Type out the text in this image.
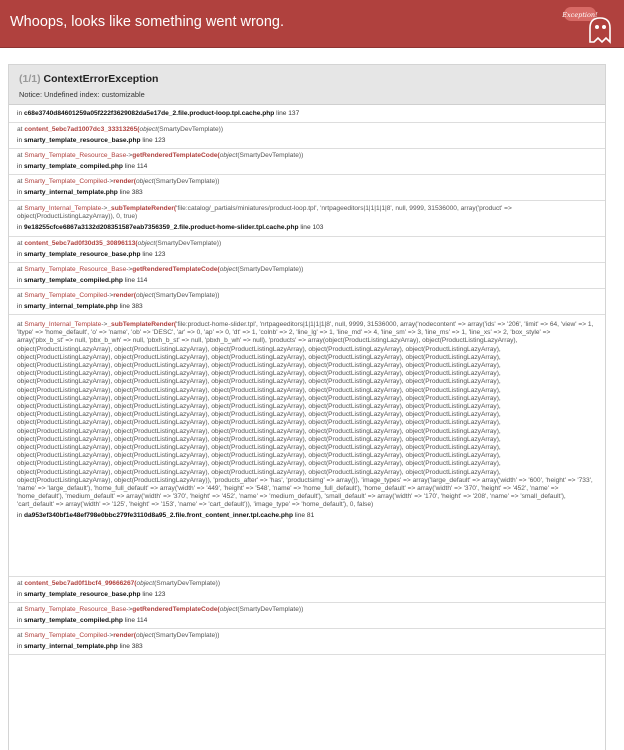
Whoops, looks like something went wrong.	Exception!
(1/1) ContextErrorException
Notice: Undefined index: customizable
in c68e3740d84601259a05f222f3629082da5e17de_2.file.product-loop.tpl.cache.php line 137
at content_5ebc7ad1007dc3_33313265(object(SmartyDevTemplate))
in smarty_template_resource_base.php line 123
at Smarty_Template_Resource_Base->getRenderedTemplateCode(object(SmartyDevTemplate))
in smarty_template_compiled.php line 114
at Smarty_Template_Compiled->render(object(SmartyDevTemplate))
in smarty_internal_template.php line 383
at Smarty_Internal_Template->_subTemplateRender('file:catalog/_partials/miniatures/product-loop.tpl', 'nrtpageeditors|1|1|1|1|8', null, 9999, 31536000, array('product' => object(ProductListingLazyArray)), 0, true)
in 9e18255cfce6867a3132d208351587eab7356359_2.file.product-home-slider.tpl.cache.php line 103
at content_5ebc7ad0f30d35_30896113(object(SmartyDevTemplate))
in smarty_template_resource_base.php line 123
at Smarty_Template_Resource_Base->getRenderedTemplateCode(object(SmartyDevTemplate))
in smarty_template_compiled.php line 114
at Smarty_Template_Compiled->render(object(SmartyDevTemplate))
in smarty_internal_template.php line 383
at Smarty_Internal_Template->_subTemplateRender('file:product-home-slider.tpl', 'nrtpageeditors|1|1|1|1|8', null, 9999, 31536000, array('nodecontent' => array('ids' => '206', 'limit' => 64, 'view' => 1, 'ltype' => 'home_default', 'o' => 'name', 'ob' => 'DESC', 'ar' => 0, 'ap' => 0, 'dt' => 1, 'colnb' => 2, 'line_lg' => 1, 'line_md' => 4, 'line_sm' => 3, 'line_ms' => 1, 'line_xs' => 2, 'box_style' => array('pbx_b_st' => null, 'pbx_b_wh' => null, 'pbxh_b_st' => null, 'pbxh_b_wh' => null), 'products' => array(object(ProductListingLazyArray), object(ProductListingLazyArray), object(ProductListingLazyArray), object(ProductListingLazyArray), object(ProductListingLazyArray), object(ProductListingLazyArray), object(ProductListingLazyArray), object(ProductListingLazyArray), object(ProductListingLazyArray), object(ProductListingLazyArray), object(ProductListingLazyArray), object(ProductListingLazyArray), object(ProductListingLazyArray), object(ProductListingLazyArray), object(ProductListingLazyArray), object(ProductListingLazyArray), object(ProductListingLazyArray), object(ProductListingLazyArray), object(ProductListingLazyArray), object(ProductListingLazyArray), object(ProductListingLazyArray), object(ProductListingLazyArray), object(ProductListingLazyArray), object(ProductListingLazyArray), object(ProductListingLazyArray), object(ProductListingLazyArray), object(ProductListingLazyArray), object(ProductListingLazyArray), object(ProductListingLazyArray), object(ProductListingLazyArray), object(ProductListingLazyArray), object(ProductListingLazyArray), object(ProductListingLazyArray), object(ProductListingLazyArray), object(ProductListingLazyArray), object(ProductListingLazyArray), object(ProductListingLazyArray), object(ProductListingLazyArray), object(ProductListingLazyArray), object(ProductListingLazyArray), object(ProductListingLazyArray), object(ProductListingLazyArray), object(ProductListingLazyArray), object(ProductListingLazyArray), object(ProductListingLazyArray), object(ProductListingLazyArray), object(ProductListingLazyArray), object(ProductListingLazyArray), object(ProductListingLazyArray), object(ProductListingLazyArray), object(ProductListingLazyArray), object(ProductListingLazyArray), object(ProductListingLazyArray), object(ProductListingLazyArray), object(ProductListingLazyArray), object(ProductListingLazyArray), object(ProductListingLazyArray), object(ProductListingLazyArray), object(ProductListingLazyArray), object(ProductListingLazyArray), object(ProductListingLazyArray), object(ProductListingLazyArray), object(ProductListingLazyArray), object(ProductListingLazyArray), object(ProductListingLazyArray), object(ProductListingLazyArray), object(ProductListingLazyArray), object(ProductListingLazyArray), object(ProductListingLazyArray), object(ProductListingLazyArray), object(ProductListingLazyArray), object(ProductListingLazyArray), object(ProductListingLazyArray), object(ProductListingLazyArray), object(ProductListingLazyArray), object(ProductListingLazyArray), object(ProductListingLazyArray), object(ProductListingLazyArray), object(ProductListingLazyArray), object(ProductListingLazyArray), object(ProductListingLazyArray), object(ProductListingLazyArray), object(ProductListingLazyArray), object(ProductListingLazyArray)), 'products_after' => 'has', 'productsimg' => array()), 'image_types' => array('large_default' => array('width' => '600', 'height' => '733', 'name' => 'large_default'), 'home_full_default' => array('width' => '449', 'height' => '548', 'name' => 'home_full_default'), 'home_default' => array('width' => '370', 'height' => '452', 'name' => 'home_default'), 'medium_default' => array('width' => '370', 'height' => '452', 'name' => 'medium_default'), 'small_default' => array('width' => '170', 'height' => '208', 'name' => 'small_default'), 'cart_default' => array('width' => '125', 'height' => '153', 'name' => 'cart_default')), 'image_type' => 'home_default'), 0, false)
in da953ef340bf1e48ef798e0bbc279fe3110d8a95_2.file.front_content_inner.tpl.cache.php line 81
at content_5ebc7ad0f1bcf4_99666267(object(SmartyDevTemplate))
in smarty_template_resource_base.php line 123
at Smarty_Template_Resource_Base->getRenderedTemplateCode(object(SmartyDevTemplate))
in smarty_template_compiled.php line 114
at Smarty_Template_Compiled->render(object(SmartyDevTemplate))
in smarty_internal_template.php line 383
